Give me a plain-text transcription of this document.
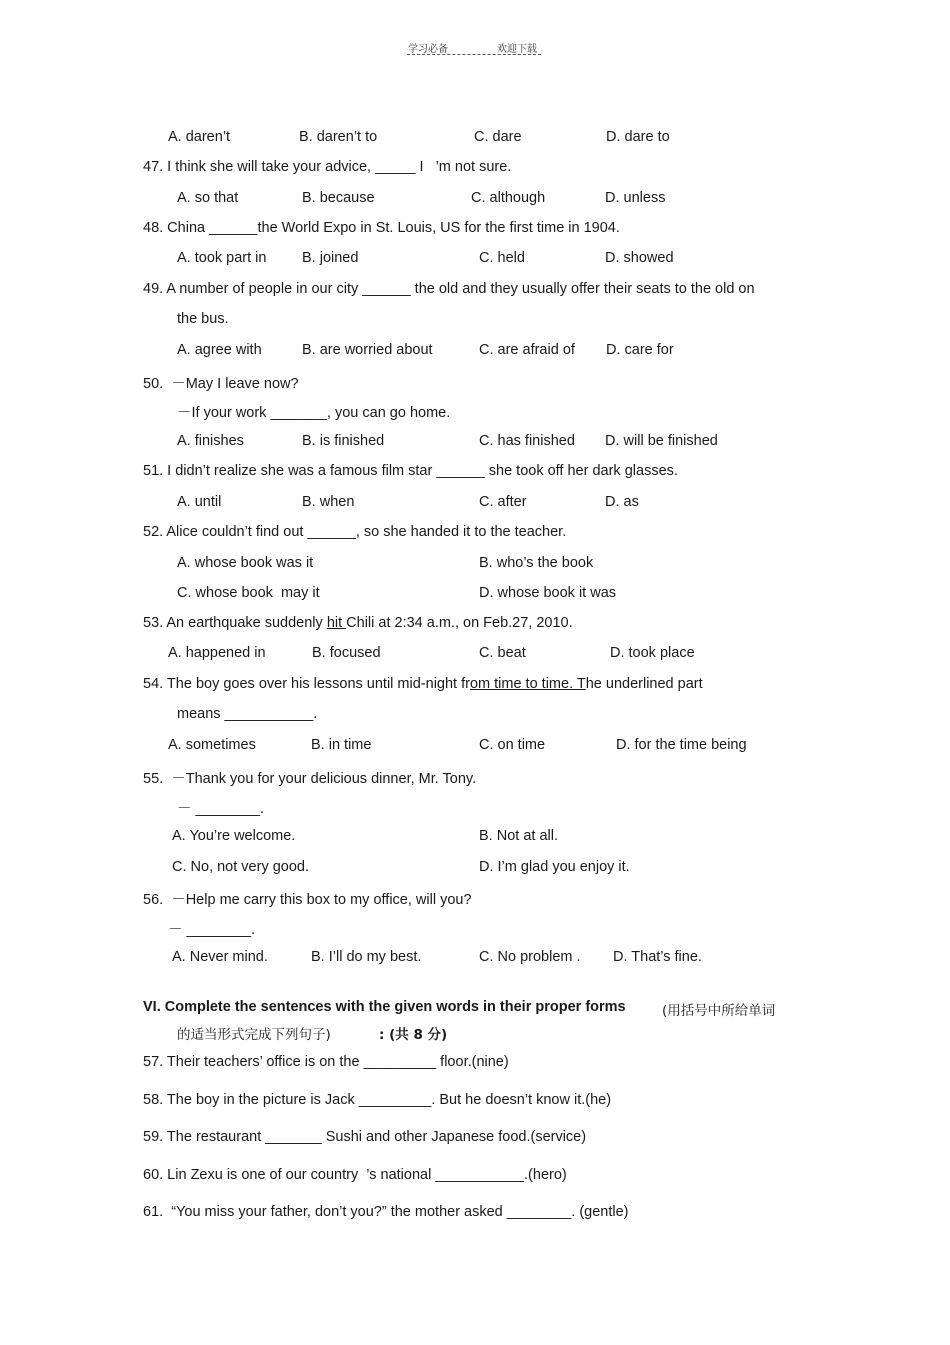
学习必备	欢迎下载
A. daren’t	B. daren’t to	C. dare	D. dare to
47. I think she will take your advice, _____ I   ’m not sure.
A. so that	B. because	C. although	D. unless
48. China ______the World Expo in St. Louis, US for the first time in 1904.
A. took part in B. joined	C. held	D. showed
49. A number of people in our city ______ the old and they usually offer their seats to the old on
the bus.
A. agree with	B. are worried about	C. are afraid of D. care for
50.  －May I leave now?
－If your work _______, you can go home.
A. finishes	B. is finished	C. has finished D. will be finished
51. I didn’t realize she was a famous film star ______ she took off her dark glasses.
A. until	B. when	C. after	D. as
52. Alice couldn’t find out ______, so she handed it to the teacher.
A. whose book was it	B. who’s the book
C. whose book  may it	D. whose book it was
53. An earthquake suddenly hit Chili at 2:34 a.m., on Feb.27, 2010.
A. happened in	B. focused	C. beat	D. took place
54. The boy goes over his lessons until mid-night from time to time. The underlined part
means ___________.
A. sometimes	B. in time	C. on time	D. for the time being
55.  －Thank you for your delicious dinner, Mr. Tony.
－ ________.
A. You’re welcome.	B. Not at all.
C. No, not very good.	D. I’m glad you enjoy it.
56.  －Help me carry this box to my office, will you?
－ ________.
A. Never mind.	B. I’ll do my best.	C. No problem . D. That’s fine.
VI. Complete the sentences with the given words in their proper forms	(用括号中所给单词
的适当形式完成下列句子)	: (共 8 分)
57. Their teachers’ office is on the _________ floor.(nine)
58. The boy in the picture is Jack _________. But he doesn’t know it.(he)
59. The restaurant _______ Sushi and other Japanese food.(service)
60. Lin Zexu is one of our country  ’s national ___________.(hero)
61.  “You miss your father, don’t you?” the mother asked ________. (gentle)
